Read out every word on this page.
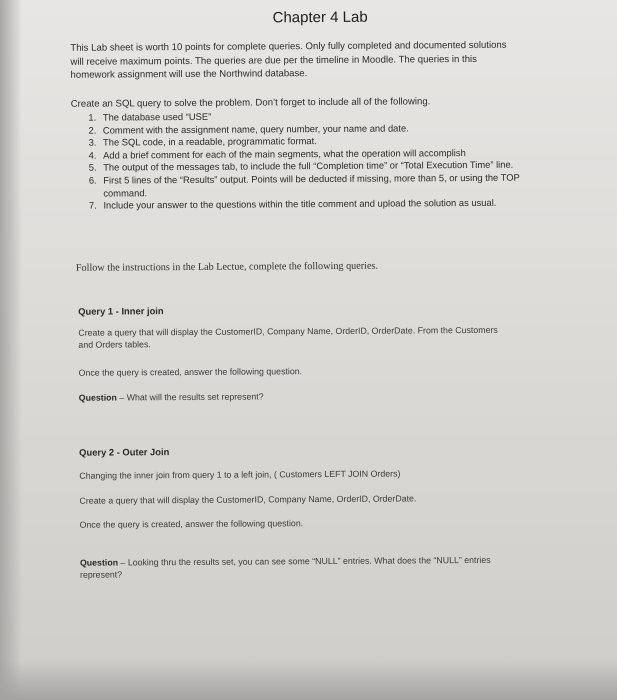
Chapter 4 Lab
This Lab sheet is worth 10 points for complete queries. Only fully completed and documented solutions will receive maximum points. The queries are due per the timeline in Moodle. The queries in this homework assignment will use the Northwind database.
Create an SQL query to solve the problem. Don’t forget to include all of the following.
1. The database used “USE”
2. Comment with the assignment name, query number, your name and date.
3. The SQL code, in a readable, programmatic format.
4. Add a brief comment for each of the main segments, what the operation will accomplish
5. The output of the messages tab, to include the full “Completion time” or “Total Execution Time” line.
6. First 5 lines of the “Results” output. Points will be deducted if missing, more than 5, or using the TOP command.
7. Include your answer to the questions within the title comment and upload the solution as usual.
Follow the instructions in the Lab Lectue, complete the following queries.
Query 1 - Inner join
Create a query that will display the CustomerID, Company Name, OrderID, OrderDate. From the Customers and Orders tables.
Once the query is created, answer the following question.
Question – What will the results set represent?
Query 2 - Outer Join
Changing the inner join from query 1 to a left join, ( Customers LEFT JOIN Orders)
Create a query that will display the CustomerID, Company Name, OrderID, OrderDate.
Once the query is created, answer the following question.
Question – Looking thru the results set, you can see some “NULL” entries. What does the “NULL” entries represent?
